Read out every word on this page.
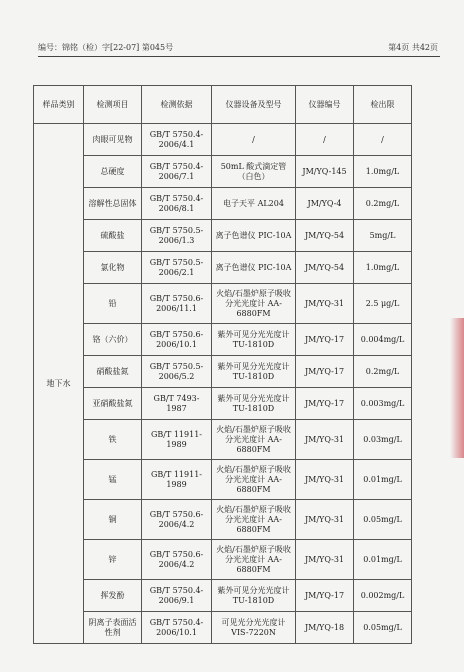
编号：锦铭（检）字[22-07] 第045号	第4页 共42页
样品类别	检测项目	检测依据	仪器设备及型号	仪器编号	检出限
地下水	肉眼可见物	GB/T 5750.4-2006/4.1	/	/	/
	总硬度	GB/T 5750.4-2006/7.1	50mL 酸式滴定管（白色）	JM/YQ-145	1.0mg/L
	溶解性总固体	GB/T 5750.4-2006/8.1	电子天平 AL204	JM/YQ-4	0.2mg/L
	硫酸盐	GB/T 5750.5-2006/1.3	离子色谱仪 PIC-10A	JM/YQ-54	5mg/L
	氯化物	GB/T 5750.5-2006/2.1	离子色谱仪 PIC-10A	JM/YQ-54	1.0mg/L
	铅	GB/T 5750.6-2006/11.1	火焰/石墨炉原子吸收分光光度计 AA-6880FM	JM/YQ-31	2.5 μg/L
	铬（六价）	GB/T 5750.6-2006/10.1	紫外可见分光光度计 TU-1810D	JM/YQ-17	0.004mg/L
	硝酸盐氮	GB/T 5750.5-2006/5.2	紫外可见分光光度计 TU-1810D	JM/YQ-17	0.2mg/L
	亚硝酸盐氮	GB/T 7493-1987	紫外可见分光光度计 TU-1810D	JM/YQ-17	0.003mg/L
	铁	GB/T 11911-1989	火焰/石墨炉原子吸收分光光度计 AA-6880FM	JM/YQ-31	0.03mg/L
	锰	GB/T 11911-1989	火焰/石墨炉原子吸收分光光度计 AA-6880FM	JM/YQ-31	0.01mg/L
	铜	GB/T 5750.6-2006/4.2	火焰/石墨炉原子吸收分光光度计 AA-6880FM	JM/YQ-31	0.05mg/L
	锌	GB/T 5750.6-2006/4.2	火焰/石墨炉原子吸收分光光度计 AA-6880FM	JM/YQ-31	0.01mg/L
	挥发酚	GB/T 5750.4-2006/9.1	紫外可见分光光度计 TU-1810D	JM/YQ-17	0.002mg/L
	阴离子表面活性剂	GB/T 5750.4-2006/10.1	可见光分光光度计 VIS-7220N	JM/YQ-18	0.05mg/L
